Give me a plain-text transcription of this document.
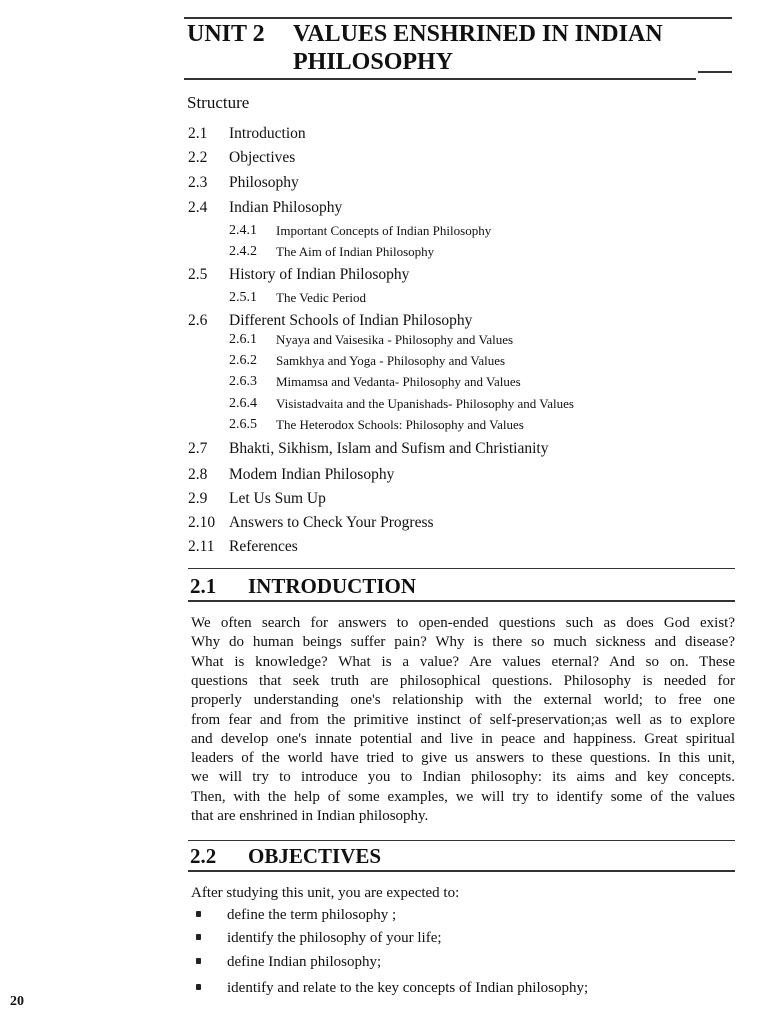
UNIT 2 VALUES ENSHRINED IN INDIAN
PHILOSOPHY
Structure
2.1 Introduction
2.2 Objectives
2.3 Philosophy
2.4 Indian Philosophy
2.4.1 Important Concepts of Indian Philosophy
2.4.2 The Aim of Indian Philosophy
2.5 History of Indian Philosophy
2.5.1 The Vedic Period
2.6 Different Schools of Indian Philosophy
2.6.1 Nyaya and Vaisesika - Philosophy and Values
2.6.2 Samkhya and Yoga - Philosophy and Values
2.6.3 Mimamsa and Vedanta- Philosophy and Values
2.6.4 Visistadvaita and the Upanishads- Philosophy and Values
2.6.5 The Heterodox Schools: Philosophy and Values
2.7 Bhakti, Sikhism, Islam and Sufism and Christianity
2.8 Modem Indian Philosophy
2.9 Let Us Sum Up
2.10 Answers to Check Your Progress
2.11 References
2.1 INTRODUCTION
We often search for answers to open-ended questions such as does God exist?
Why do human beings suffer pain? Why is there so much sickness and disease?
What is knowledge? What is a value? Are values eternal? And so on. These
questions that seek truth are philosophical questions. Philosophy is needed for
properly understanding one's relationship with the external world; to free one
from fear and from the primitive instinct of self-preservation;as well as to explore
and develop one's innate potential and live in peace and happiness. Great spiritual
leaders of the world have tried to give us answers to these questions. In this unit,
we will try to introduce you to Indian philosophy: its aims and key concepts.
Then, with the help of some examples, we will try to identify some of the values
that are enshrined in Indian philosophy.
2.2 OBJECTIVES
After studying this unit, you are expected to:
define the term philosophy ;
identify the philosophy of your life;
define Indian philosophy;
identify and relate to the key concepts of Indian philosophy;
20
